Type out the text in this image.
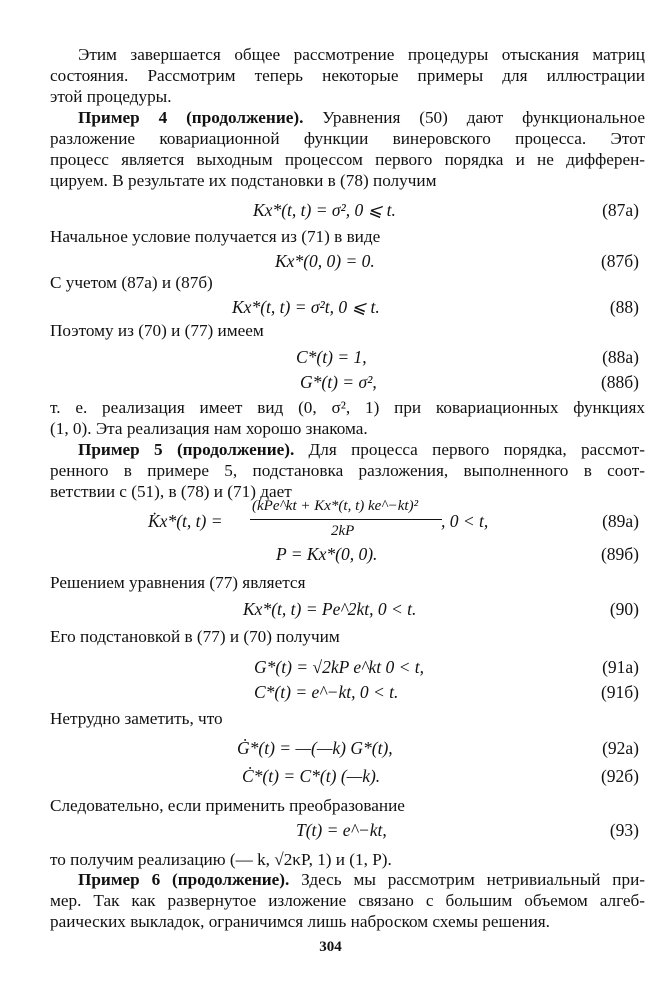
Этим завершается общее рассмотрение процедуры отыскания матриц
состояния. Рассмотрим теперь некоторые примеры для иллюстрации
этой процедуры.
Пример 4 (продолжение). Уравнения (50) дают функциональное
разложение ковариационной функции винеровского процесса. Этот
процесс является выходным процессом первого порядка и не дифферен-
цируем. В результате их подстановки в (78) получим
Kx*(t, t) = σ², 0 ⩽ t.	(87а)
Начальное условие получается из (71) в виде
Kx*(0, 0) = 0.	(87б)
С учетом (87а) и (87б)
Kx*(t, t) = σ²t, 0 ⩽ t.	(88)
Поэтому из (70) и (77) имеем
C*(t) = 1,	(88а)
G*(t) = σ²,	(88б)
т. е. реализация имеет вид (0, σ², 1) при ковариационных функциях
(1, 0). Эта реализация нам хорошо знакома.
Пример 5 (продолжение). Для процесса первого порядка, рассмот-
ренного в примере 5, подстановка разложения, выполненного в соот-
ветствии с (51), в (78) и (71) дает
K̇x*(t, t) =
(kPe^kt + Kx*(t, t) ke^−kt)²
2kP	, 0 < t,	(89а)
P = Kx*(0, 0).	(89б)
Решением уравнения (77) является
Kx*(t, t) = Pe^2kt, 0 < t.	(90)
Его подстановкой в (77) и (70) получим
G*(t) = √2kP e^kt 0 < t,	(91а)
C*(t) = e^−kt, 0 < t.	(91б)
Нетрудно заметить, что
Ġ*(t) = —(—k) G*(t),	(92а)
Ċ*(t) = C*(t) (—k).	(92б)
Следовательно, если применить преобразование
T(t) = e^−kt,	(93)
то получим реализацию (— k, √2κP, 1) и (1, P).
Пример 6 (продолжение). Здесь мы рассмотрим нетривиальный при-
мер. Так как развернутое изложение связано с большим объемом алгеб-
раических выкладок, ограничимся лишь наброском схемы решения.
304
